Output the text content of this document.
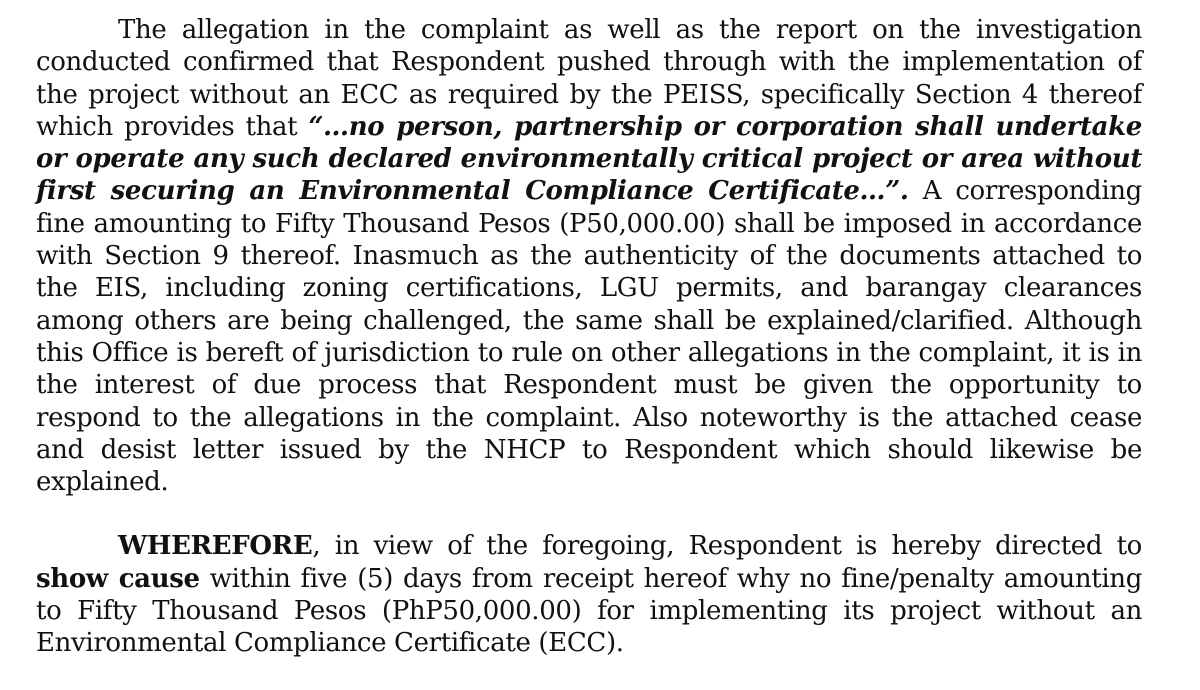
The allegation in the complaint as well as the report on the investigation conducted confirmed that Respondent pushed through with the implementation of the project without an ECC as required by the PEISS, specifically Section 4 thereof which provides that “…no person, partnership or corporation shall undertake or operate any such declared environmentally critical project or area without first securing an Environmental Compliance Certificate…”. A corresponding fine amounting to Fifty Thousand Pesos (P50,000.00) shall be imposed in accordance with Section 9 thereof. Inasmuch as the authenticity of the documents attached to the EIS, including zoning certifications, LGU permits, and barangay clearances among others are being challenged, the same shall be explained/clarified. Although this Office is bereft of jurisdiction to rule on other allegations in the complaint, it is in the interest of due process that Respondent must be given the opportunity to respond to the allegations in the complaint. Also noteworthy is the attached cease and desist letter issued by the NHCP to Respondent which should likewise be explained.

WHEREFORE, in view of the foregoing, Respondent is hereby directed to show cause within five (5) days from receipt hereof why no fine/penalty amounting to Fifty Thousand Pesos (PhP50,000.00) for implementing its project without an Environmental Compliance Certificate (ECC).
